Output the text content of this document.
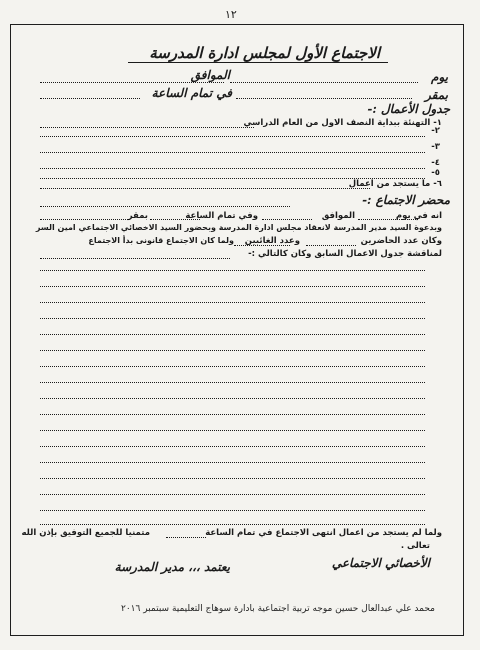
١٢
الاجتماع الأول لمجلس ادارة المدرسة
يوم
الموافق
بمقر
في تمام الساعة
جدول الأعمال :-
١- التهنئة ببداية النصف الاول من العام الدراسي
٢-
٣-
٤-
٥-
٦- ما يستجد من اعمال
محضر الاجتماع :-
انه في يوم
الموافق
وفي تمام الساعة
بمقر
وبدعوة السيد مدير المدرسة لانعقاد مجلس ادارة المدرسة وبحضور السيد الاخصائي الاجتماعي امين السر
وكان عدد الحاضرين
وعدد الغائبين
ولما كان الاجتماع قانونى بدأ الاجتماع
لمناقشة جدول الاعمال السابق وكان كالتالي :-
ولما لم يستجد من اعمال انتهى الاجتماع في تمام الساعة
متمنيا للجميع التوفيق بإذن الله
تعالى .
الأخصائي الاجتماعي
يعتمد ،،، مدير المدرسة
محمد علي عبدالعال حسين موجه تربية اجتماعية بادارة سوهاج التعليمية سبتمبر ٢٠١٦
